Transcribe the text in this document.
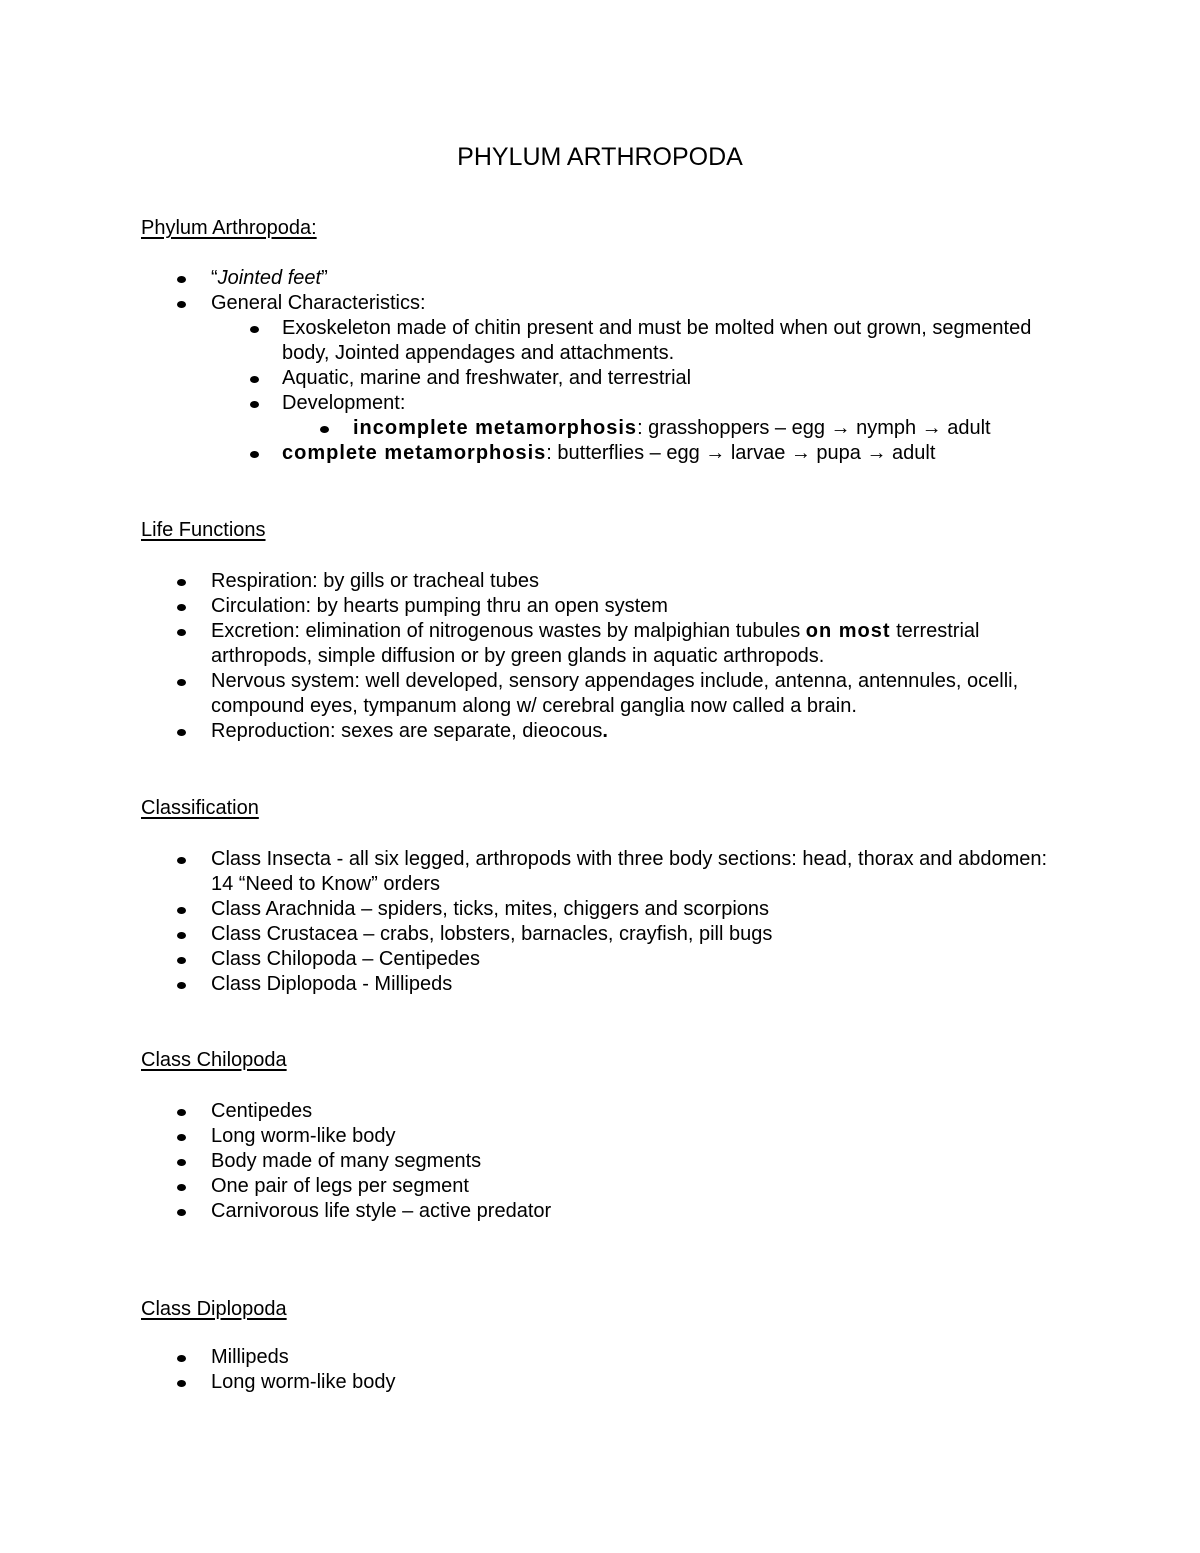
PHYLUM ARTHROPODA
Phylum Arthropoda:
“Jointed feet”
General Characteristics:
Exoskeleton made of chitin present and must be molted when out grown, segmented body, Jointed appendages and attachments.
Aquatic, marine and freshwater, and terrestrial
Development:
incomplete metamorphosis: grasshoppers – egg → nymph → adult
complete metamorphosis: butterflies – egg → larvae → pupa → adult
Life Functions
Respiration: by gills or tracheal tubes
Circulation: by hearts pumping thru an open system
Excretion: elimination of nitrogenous wastes by malpighian tubules on most terrestrial arthropods, simple diffusion or by green glands in aquatic arthropods.
Nervous system: well developed, sensory appendages include, antenna, antennules, ocelli, compound eyes, tympanum along w/ cerebral ganglia now called a brain.
Reproduction: sexes are separate, dieocous.
Classification
Class Insecta - all six legged, arthropods with three body sections: head, thorax and abdomen: 14 “Need to Know” orders
Class Arachnida – spiders, ticks, mites, chiggers and scorpions
Class Crustacea – crabs, lobsters, barnacles, crayfish, pill bugs
Class Chilopoda – Centipedes
Class Diplopoda - Millipeds
Class Chilopoda
Centipedes
Long worm-like body
Body made of many segments
One pair of legs per segment
Carnivorous life style – active predator
Class Diplopoda
Millipeds
Long worm-like body
